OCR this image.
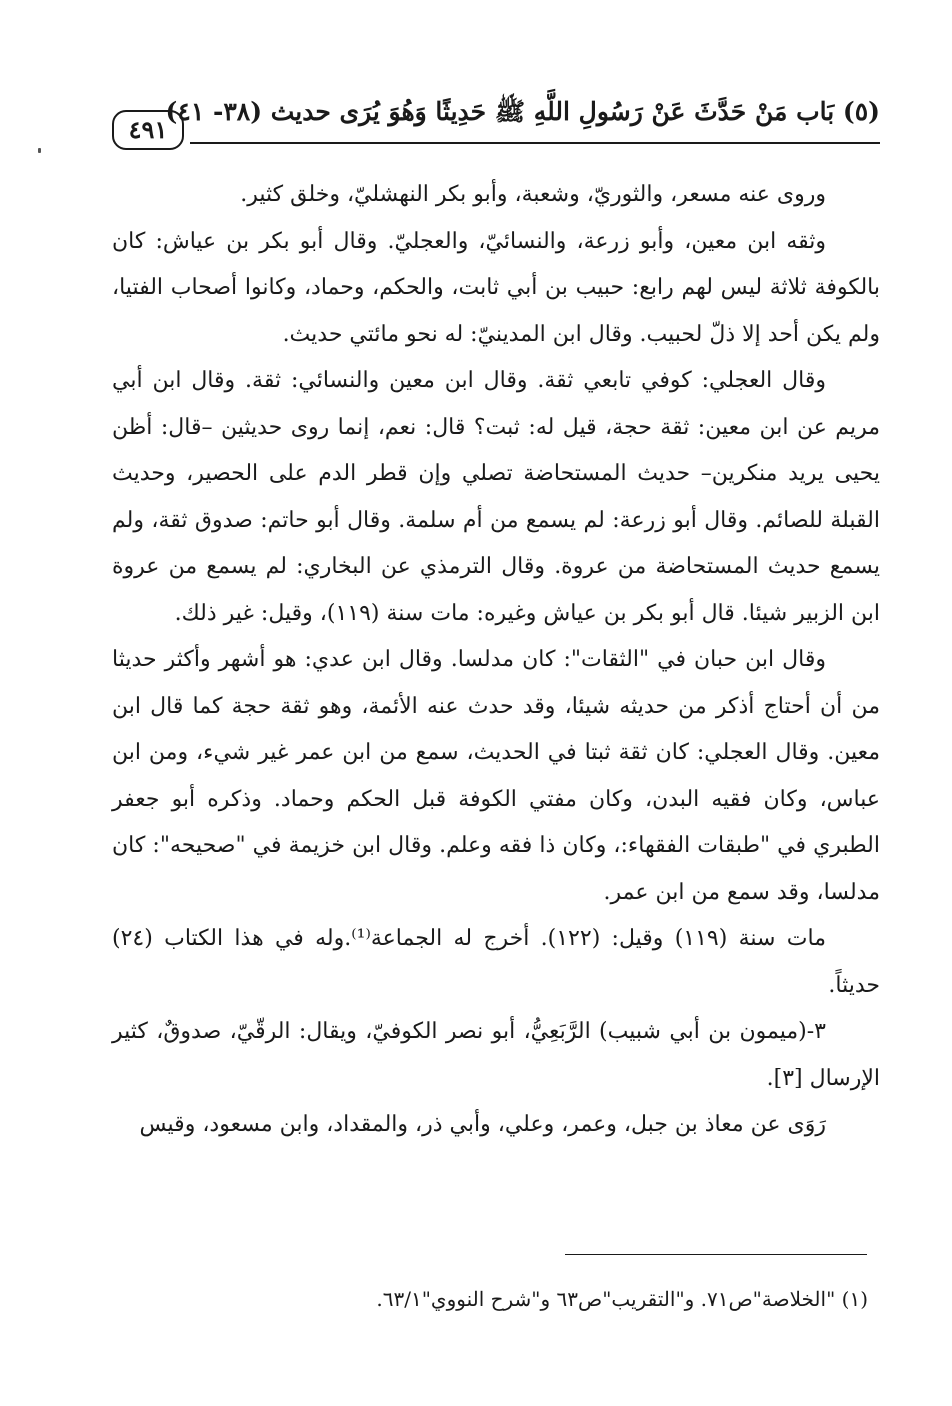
(٥) بَاب مَنْ حَدَّثَ عَنْ رَسُولِ اللَّهِ ﷺ حَدِيثًا وَهُوَ يُرَى حديث (٣٨- ٤١)
٤٩١

وروى عنه مسعر، والثوريّ، وشعبة، وأبو بكر النهشليّ، وخلق كثير.

وثقه ابن معين، وأبو زرعة، والنسائيّ، والعجليّ. وقال أبو بكر بن عياش: كان بالكوفة ثلاثة ليس لهم رابع: حبيب بن أبي ثابت، والحكم، وحماد، وكانوا أصحاب الفتيا، ولم يكن أحد إلا ذلّ لحبيب. وقال ابن المدينيّ: له نحو مائتي حديث.

وقال العجلي: كوفي تابعي ثقة. وقال ابن معين والنسائي: ثقة. وقال ابن أبي مريم عن ابن معين: ثقة حجة، قيل له: ثبت؟ قال: نعم، إنما روى حديثين –قال: أظن يحيى يريد منكرين– حديث المستحاضة تصلي وإن قطر الدم على الحصير، وحديث القبلة للصائم. وقال أبو زرعة: لم يسمع من أم سلمة. وقال أبو حاتم: صدوق ثقة، ولم يسمع حديث المستحاضة من عروة. وقال الترمذي عن البخاري: لم يسمع من عروة ابن الزبير شيئا. قال أبو بكر بن عياش وغيره: مات سنة (١١٩)، وقيل: غير ذلك.

وقال ابن حبان في "الثقات": كان مدلسا. وقال ابن عدي: هو أشهر وأكثر حديثا من أن أحتاج أذكر من حديثه شيئا، وقد حدث عنه الأئمة، وهو ثقة حجة كما قال ابن معين. وقال العجلي: كان ثقة ثبتا في الحديث، سمع من ابن عمر غير شيء، ومن ابن عباس، وكان فقيه البدن، وكان مفتي الكوفة قبل الحكم وحماد. وذكره أبو جعفر الطبري في "طبقات الفقهاء:، وكان ذا فقه وعلم. وقال ابن خزيمة في "صحيحه": كان مدلسا، وقد سمع من ابن عمر.

مات سنة (١١٩) وقيل: (١٢٢). أخرج له الجماعة⁽¹⁾.وله في هذا الكتاب (٢٤) حديثاً.

٣-(ميمون بن أبي شبيب) الرَّبَعِيُّ، أبو نصر الكوفيّ، ويقال: الرقّيّ، صدوقٌ، كثير الإرسال [٣].

رَوَى عن معاذ بن جبل، وعمر، وعلي، وأبي ذر، والمقداد، وابن مسعود، وقيس

(١) "الخلاصة"ص٧١. و"التقريب"ص٦٣ و"شرح النووي"٦٣/١.
